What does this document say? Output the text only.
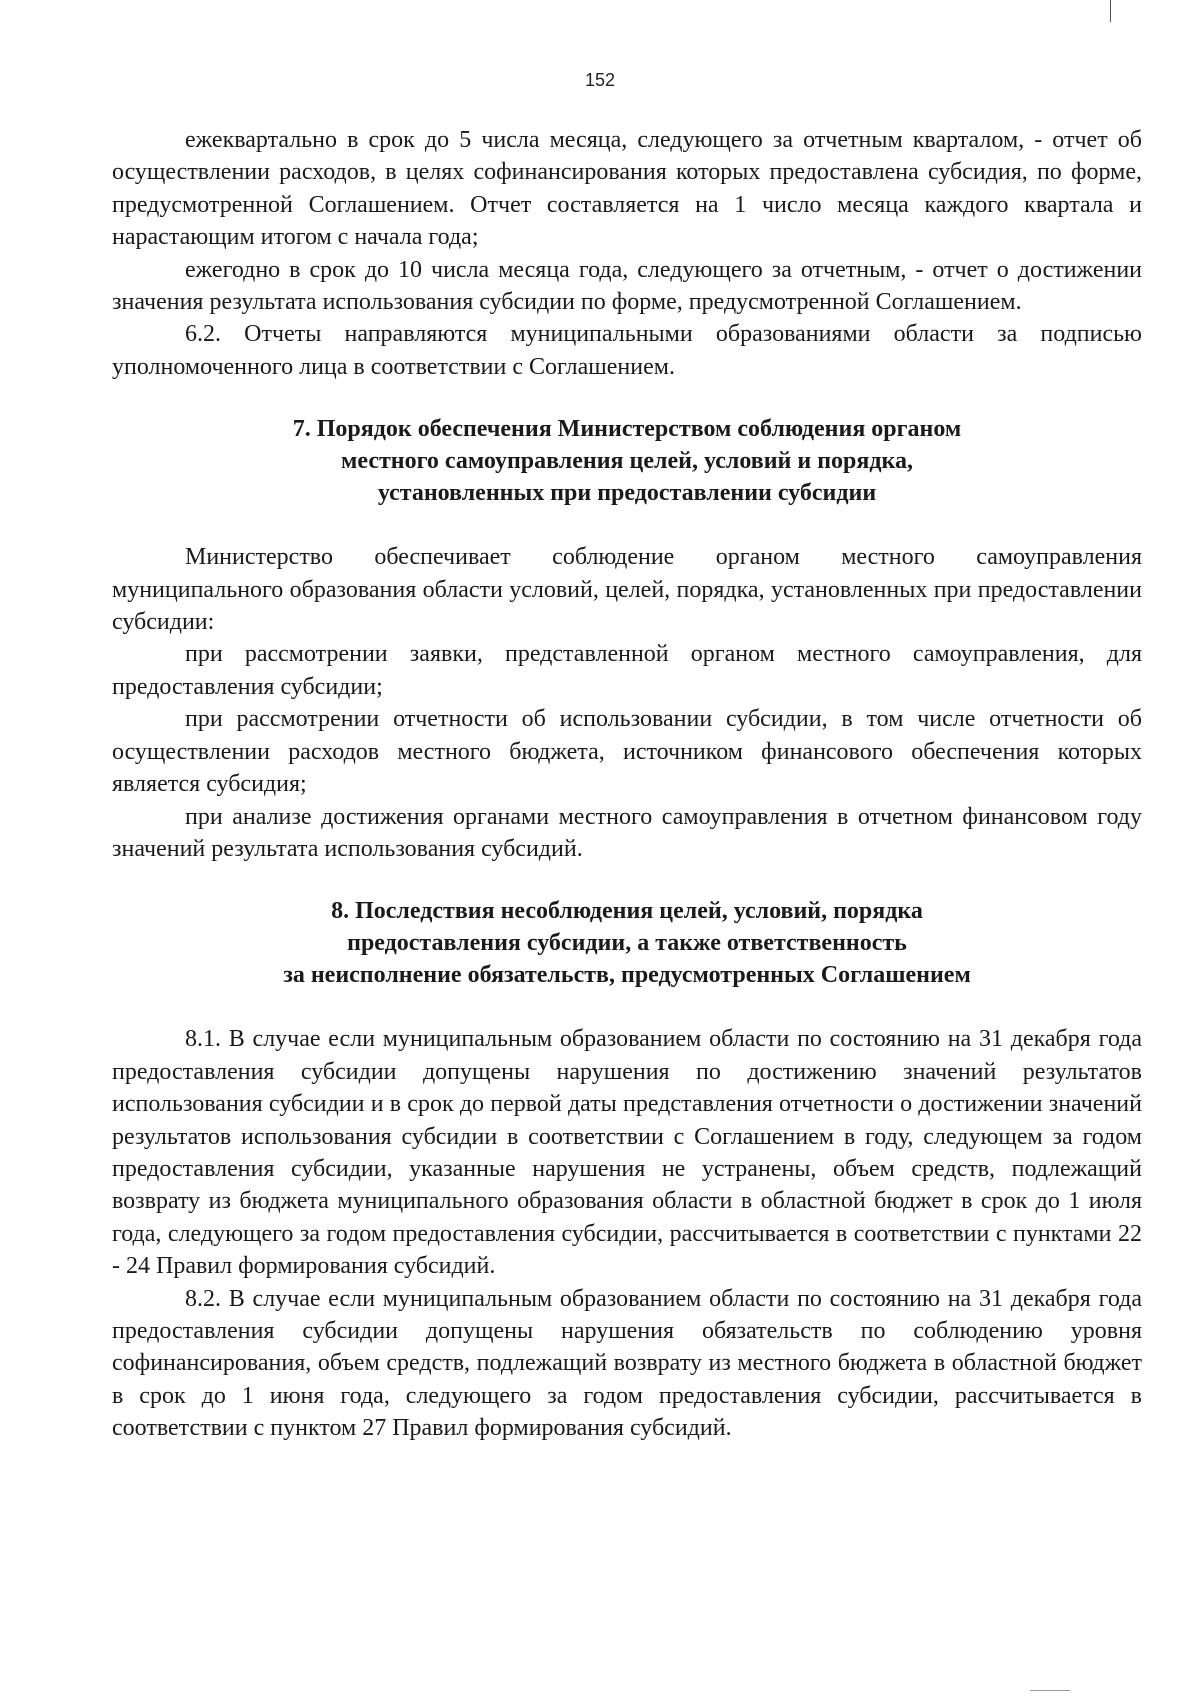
152

ежеквартально в срок до 5 числа месяца, следующего за отчетным кварталом, - отчет об осуществлении расходов, в целях софинансирования которых предоставлена субсидия, по форме, предусмотренной Соглашением. Отчет составляется на 1 число месяца каждого квартала и нарастающим итогом с начала года;

ежегодно в срок до 10 числа месяца года, следующего за отчетным, - отчет о достижении значения результата использования субсидии по форме, предусмотренной Соглашением.

6.2. Отчеты направляются муниципальными образованиями области за подписью уполномоченного лица в соответствии с Соглашением.

7. Порядок обеспечения Министерством соблюдения органом
местного самоуправления целей, условий и порядка,
установленных при предоставлении субсидии

Министерство обеспечивает соблюдение органом местного самоуправления муниципального образования области условий, целей, порядка, установленных при предоставлении субсидии:

при рассмотрении заявки, представленной органом местного самоуправления, для предоставления субсидии;

при рассмотрении отчетности об использовании субсидии, в том числе отчетности об осуществлении расходов местного бюджета, источником финансового обеспечения которых является субсидия;

при анализе достижения органами местного самоуправления в отчетном финансовом году значений результата использования субсидий.

8. Последствия несоблюдения целей, условий, порядка
предоставления субсидии, а также ответственность
за неисполнение обязательств, предусмотренных Соглашением

8.1. В случае если муниципальным образованием области по состоянию на 31 декабря года предоставления субсидии допущены нарушения по достижению значений результатов использования субсидии и в срок до первой даты представления отчетности о достижении значений результатов использования субсидии в соответствии с Соглашением в году, следующем за годом предоставления субсидии, указанные нарушения не устранены, объем средств, подлежащий возврату из бюджета муниципального образования области в областной бюджет в срок до 1 июля года, следующего за годом предоставления субсидии, рассчитывается в соответствии с пунктами 22 - 24 Правил формирования субсидий.

8.2. В случае если муниципальным образованием области по состоянию на 31 декабря года предоставления субсидии допущены нарушения обязательств по соблюдению уровня софинансирования, объем средств, подлежащий возврату из местного бюджета в областной бюджет в срок до 1 июня года, следующего за годом предоставления субсидии, рассчитывается в соответствии с пунктом 27 Правил формирования субсидий.
